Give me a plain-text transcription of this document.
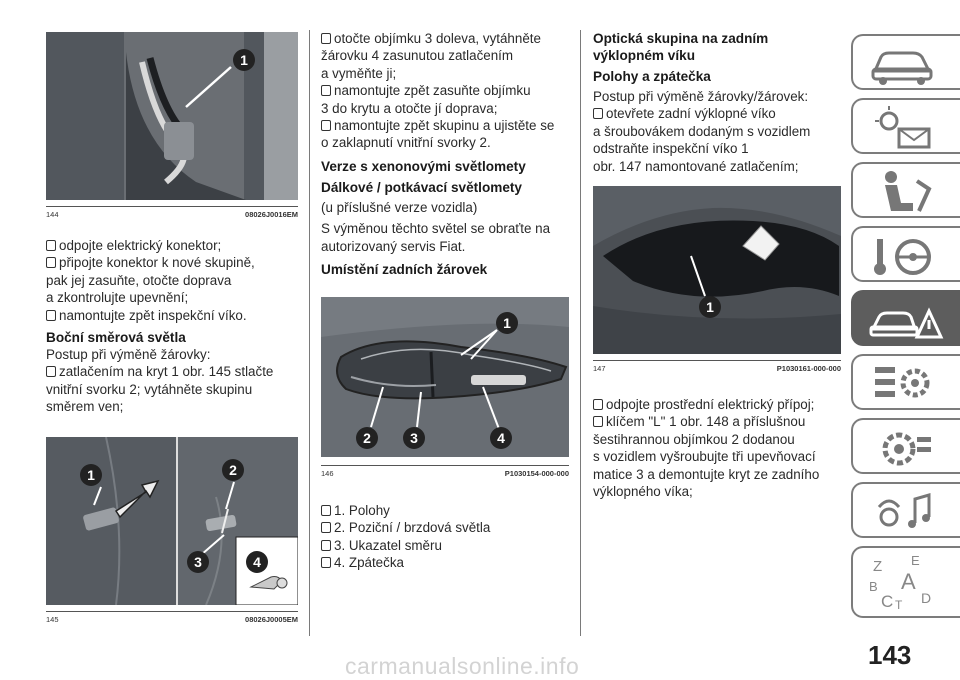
1
144	08026J0016EM

odpojte elektrický konektor;

připojte konektor k nové skupině,

pak jej zasuňte, otočte doprava

a zkontrolujte upevnění;

namontujte zpět inspekční víko.

Boční směrová světla

Postup při výměně žárovky:

zatlačením na kryt 1 obr. 145 stlačte

vnitřní svorku 2; vytáhněte skupinu

směrem ven;

1	2
3	4
145	08026J0005EM

otočte objímku 3 doleva, vytáhněte

žárovku 4 zasunutou zatlačením

a vyměňte ji;

namontujte zpět zasuňte objímku

3 do krytu a otočte jí doprava;

namontujte zpět skupinu a ujistěte se

o zaklapnutí vnitřní svorky 2.

Verze s xenonovými světlomety
Dálkové / potkávací světlomety

(u příslušné verze vozidla)

S výměnou těchto světel se obraťte na

autorizovaný servis Fiat.

Umístění zadních žárovek
1
2	3	4
146	P1030154-000-000

1. Polohy

2. Poziční / brzdová světla

3. Ukazatel směru

4. Zpátečka

Optická skupina na zadním
výklopném víku
Polohy a zpátečka

Postup při výměně žárovky/žárovek:

otevřete zadní výklopné víko

a šroubovákem dodaným s vozidlem

odstraňte inspekční víko 1

obr. 147 namontované zatlačením;

1
147	P1030161-000-000

odpojte prostřední elektrický přípoj;

klíčem "L" 1 obr. 148 a příslušnou

šestihrannou objímkou 2 dodanou

s vozidlem vyšroubujte tři upevňovací

matice 3 a demontujte kryt ze zadního

výklopného víka;

Z E
B A
C T D
143
carmanualsonline.info
